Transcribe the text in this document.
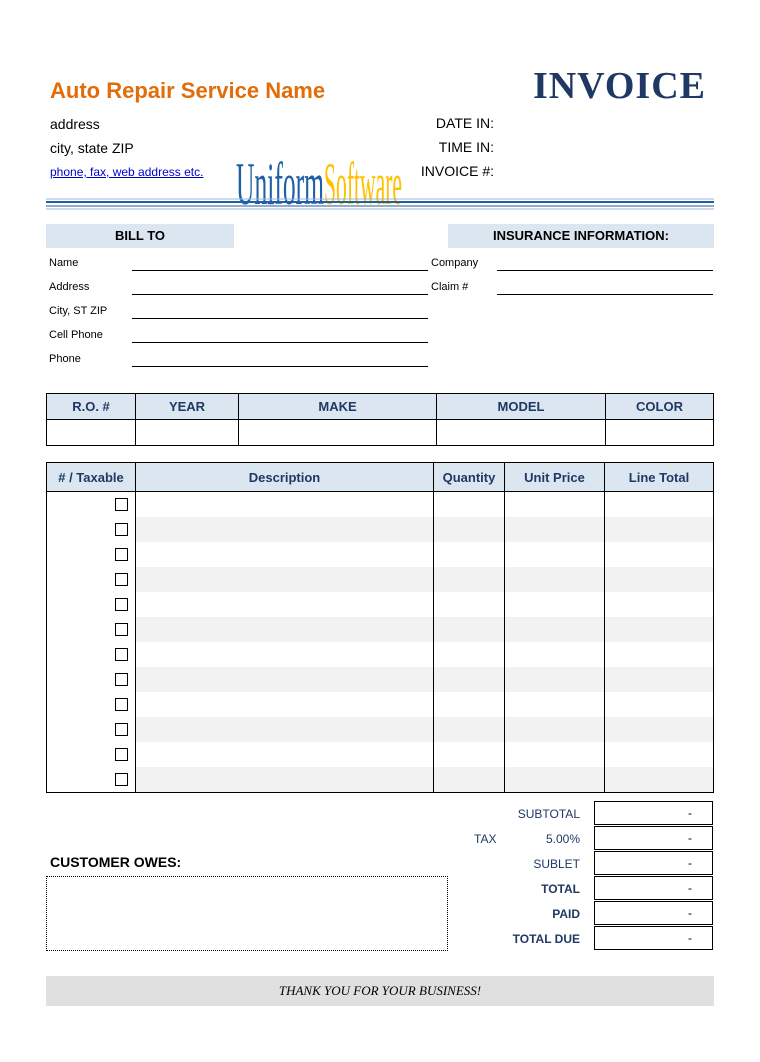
Auto Repair Service Name
address
city, state ZIP
phone, fax, web address etc. Uniform Software
INVOICE
DATE IN:
TIME IN:
INVOICE #:
BILL TO	INSURANCE INFORMATION:
Name
Address
City, ST ZIP
Cell Phone
Phone
Company
Claim #
R.O. #	YEAR	MAKE	MODEL	COLOR

# / Taxable	Description	Quantity	Unit Price	Line Total

SUBTOTAL	-
TAX	5.00%	-
SUBLET	-
TOTAL	-
PAID	-
TOTAL DUE	-
CUSTOMER OWES:
THANK YOU FOR YOUR BUSINESS!
